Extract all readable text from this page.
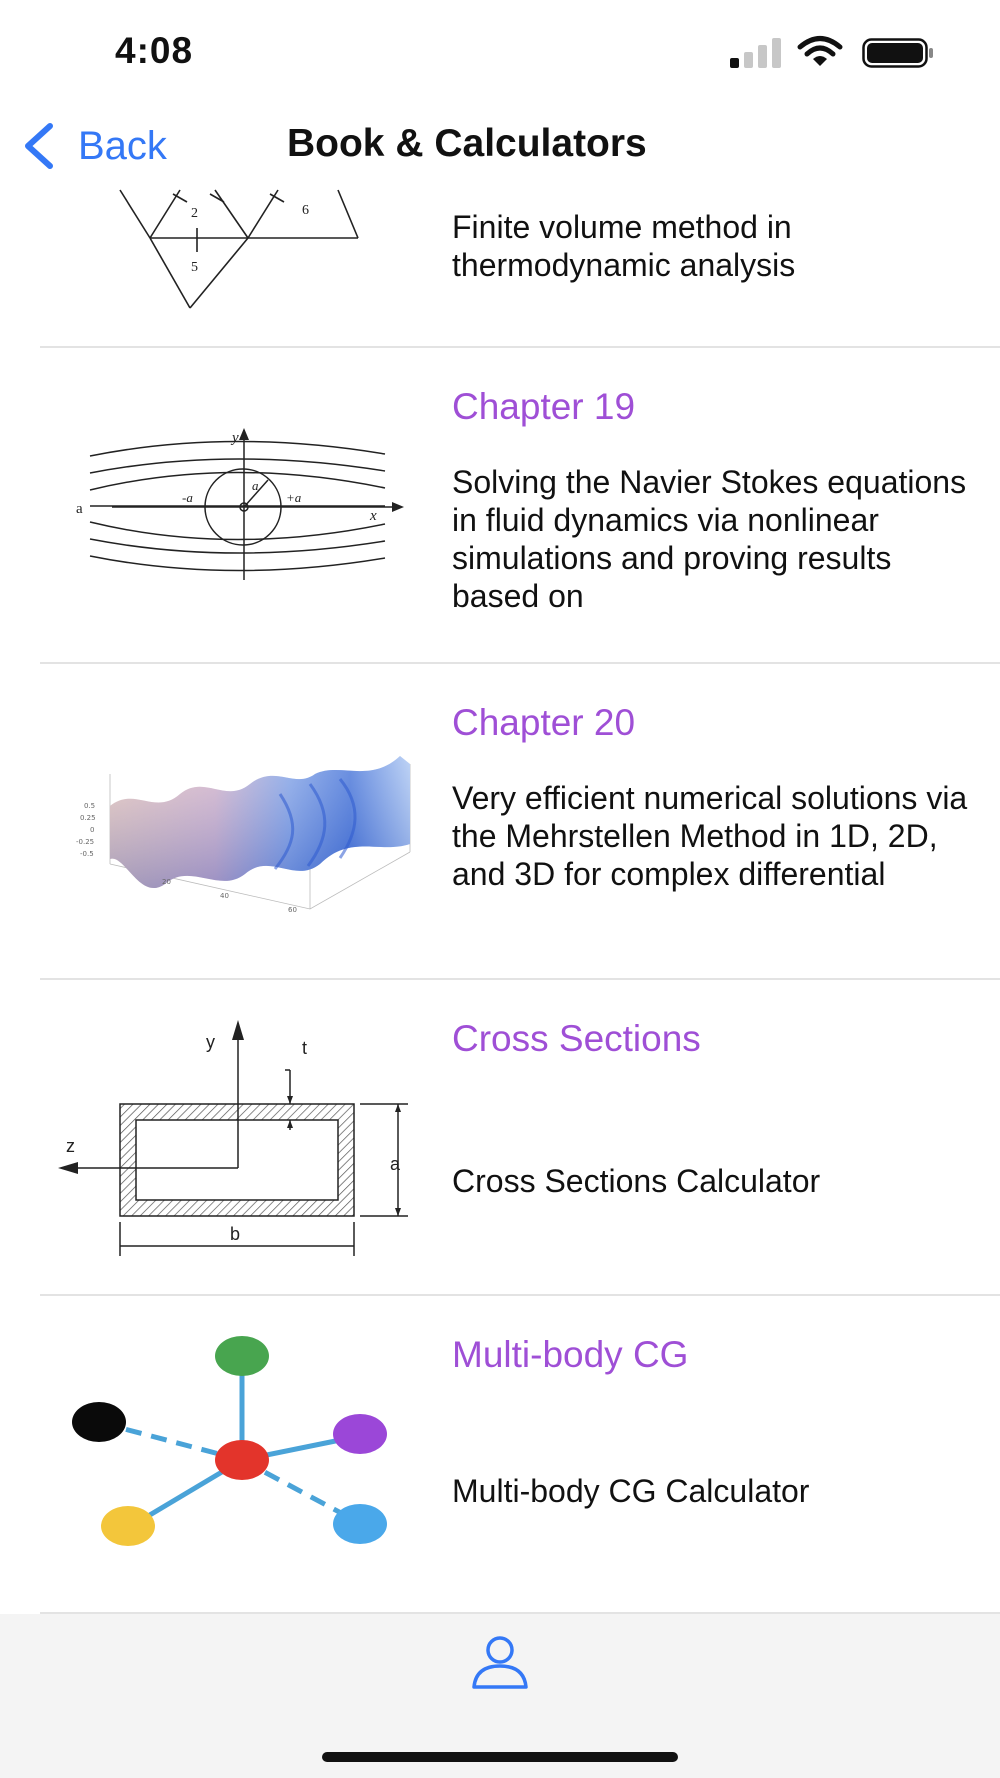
4:08
Back	Book & Calculators
2	6
5
Finite volume method in thermodynamic analysis
y
a
-a
a
+a
x
Chapter 19
Solving the Navier Stokes equations in fluid dynamics via nonlinear simulations and proving results based on
0.5
0.25
0
-0.25
-0.5
20
40
60
Chapter 20
Very efficient numerical solutions via the Mehrstellen Method in 1D, 2D, and 3D for complex differential
y	t
z
a
b
Cross Sections
Cross Sections Calculator
Multi-body CG
Multi-body CG Calculator
